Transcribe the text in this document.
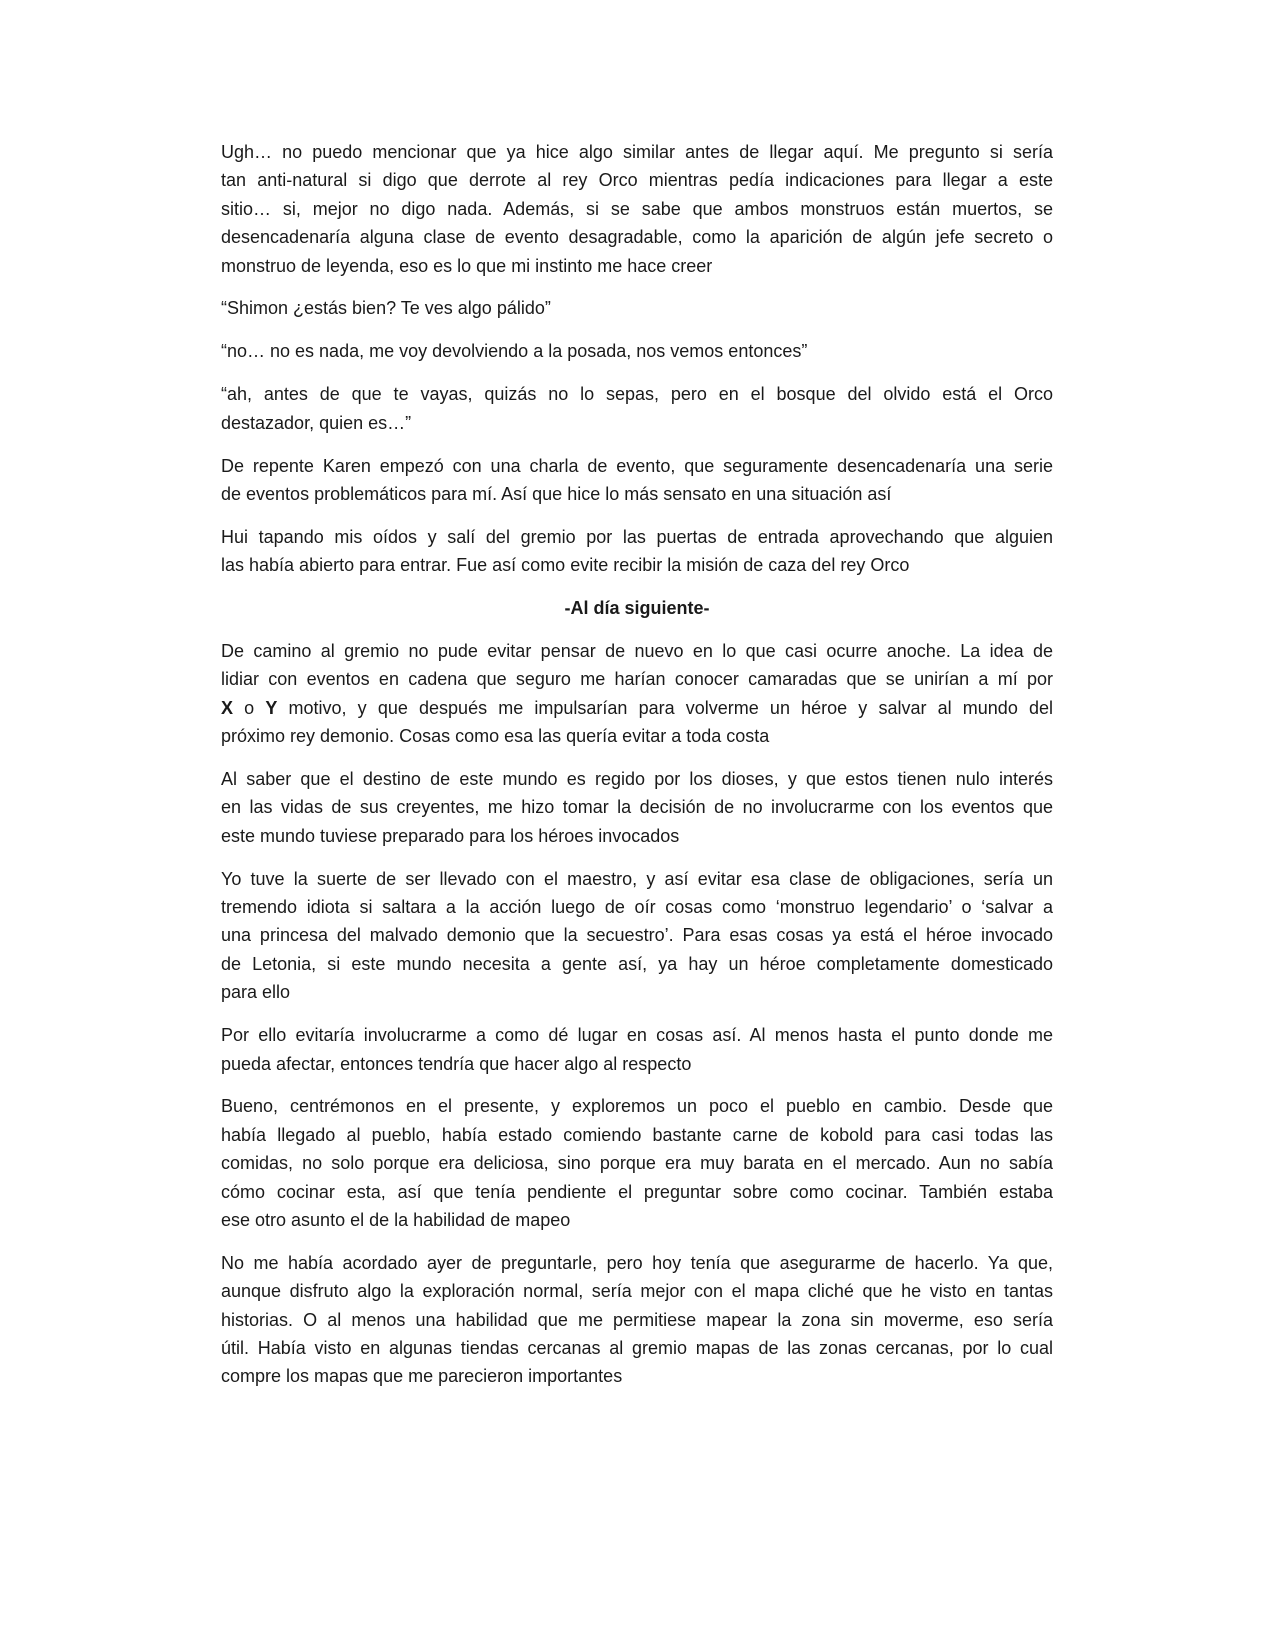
Ugh… no puedo mencionar que ya hice algo similar antes de llegar aquí. Me pregunto si sería
tan anti-natural si digo que derrote al rey Orco mientras pedía indicaciones para llegar a este
sitio… si, mejor no digo nada. Además, si se sabe que ambos monstruos están muertos, se
desencadenaría alguna clase de evento desagradable, como la aparición de algún jefe secreto o
monstruo de leyenda, eso es lo que mi instinto me hace creer
“Shimon ¿estás bien? Te ves algo pálido”
“no… no es nada, me voy devolviendo a la posada, nos vemos entonces”
“ah, antes de que te vayas, quizás no lo sepas, pero en el bosque del olvido está el Orco
destazador, quien es…”
De repente Karen empezó con una charla de evento, que seguramente desencadenaría una serie
de eventos problemáticos para mí. Así que hice lo más sensato en una situación así
Hui tapando mis oídos y salí del gremio por las puertas de entrada aprovechando que alguien
las había abierto para entrar. Fue así como evite recibir la misión de caza del rey Orco
-Al día siguiente-
De camino al gremio no pude evitar pensar de nuevo en lo que casi ocurre anoche. La idea de
lidiar con eventos en cadena que seguro me harían conocer camaradas que se unirían a mí por
X o Y motivo, y que después me impulsarían para volverme un héroe y salvar al mundo del
próximo rey demonio. Cosas como esa las quería evitar a toda costa
Al saber que el destino de este mundo es regido por los dioses, y que estos tienen nulo interés
en las vidas de sus creyentes, me hizo tomar la decisión de no involucrarme con los eventos que
este mundo tuviese preparado para los héroes invocados
Yo tuve la suerte de ser llevado con el maestro, y así evitar esa clase de obligaciones, sería un
tremendo idiota si saltara a la acción luego de oír cosas como ‘monstruo legendario’ o ‘salvar a
una princesa del malvado demonio que la secuestro’. Para esas cosas ya está el héroe invocado
de Letonia, si este mundo necesita a gente así, ya hay un héroe completamente domesticado
para ello
Por ello evitaría involucrarme a como dé lugar en cosas así. Al menos hasta el punto donde me
pueda afectar, entonces tendría que hacer algo al respecto
Bueno, centrémonos en el presente, y exploremos un poco el pueblo en cambio. Desde que
había llegado al pueblo, había estado comiendo bastante carne de kobold para casi todas las
comidas, no solo porque era deliciosa, sino porque era muy barata en el mercado. Aun no sabía
cómo cocinar esta, así que tenía pendiente el preguntar sobre como cocinar. También estaba
ese otro asunto el de la habilidad de mapeo
No me había acordado ayer de preguntarle, pero hoy tenía que asegurarme de hacerlo. Ya que,
aunque disfruto algo la exploración normal, sería mejor con el mapa cliché que he visto en tantas
historias. O al menos una habilidad que me permitiese mapear la zona sin moverme, eso sería
útil. Había visto en algunas tiendas cercanas al gremio mapas de las zonas cercanas, por lo cual
compre los mapas que me parecieron importantes
